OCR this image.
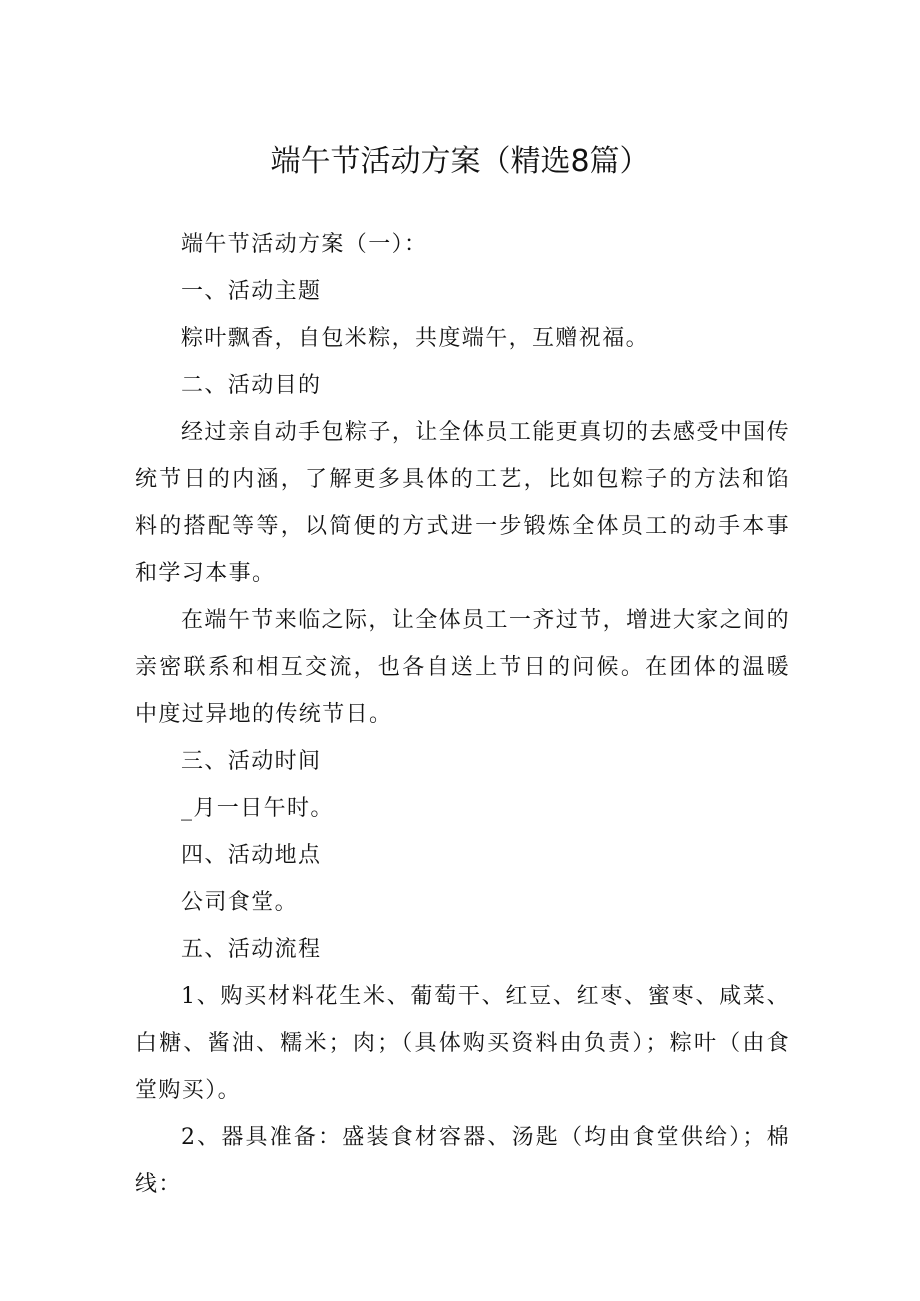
端午节活动方案（精选8篇）

端午节活动方案（一）：

一、活动主题

粽叶飘香，自包米粽，共度端午，互赠祝福。

二、活动目的

经过亲自动手包粽子，让全体员工能更真切的去感受中国传统节日的内涵，了解更多具体的工艺，比如包粽子的方法和馅料的搭配等等，以简便的方式进一步锻炼全体员工的动手本事和学习本事。

在端午节来临之际，让全体员工一齐过节，增进大家之间的亲密联系和相互交流，也各自送上节日的问候。在团体的温暖中度过异地的传统节日。

三、活动时间

_月一日午时。

四、活动地点

公司食堂。

五、活动流程

1、购买材料花生米、葡萄干、红豆、红枣、蜜枣、咸菜、白糖、酱油、糯米；肉；（具体购买资料由负责）；粽叶（由食堂购买）。

2、器具准备：盛装食材容器、汤匙（均由食堂供给）；棉线：
